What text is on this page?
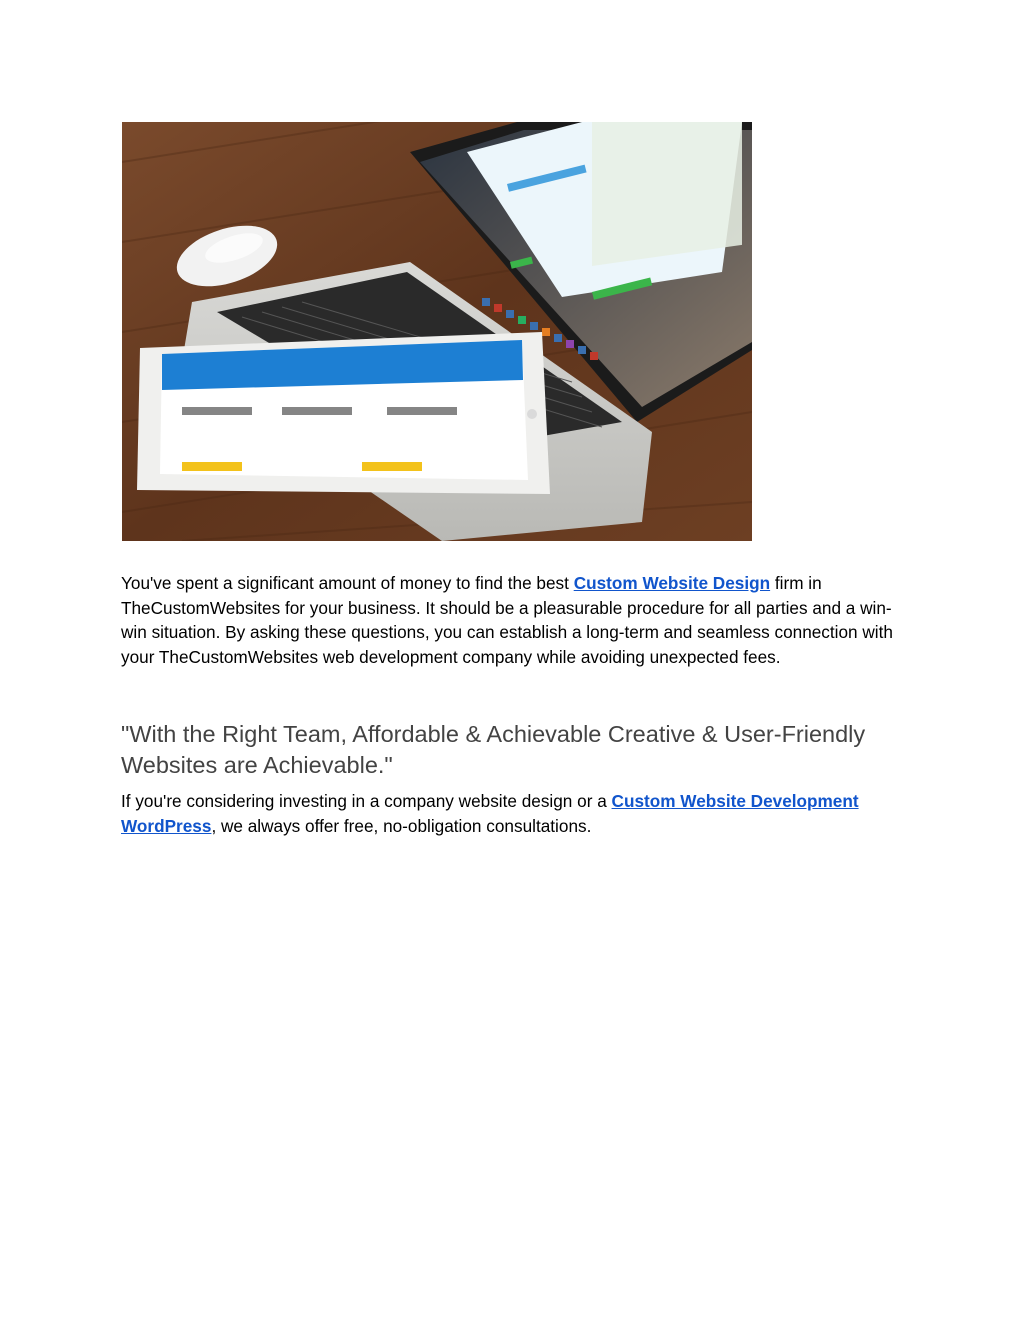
You've spent a significant amount of money to find the best Custom Website Design firm in TheCustomWebsites for your business. It should be a pleasurable procedure for all parties and a win-win situation. By asking these questions, you can establish a long-term and seamless connection with your TheCustomWebsites web development company while avoiding unexpected fees.

"With the Right Team, Affordable & Achievable Creative & User-Friendly Websites are Achievable."

If you're considering investing in a company website design or a Custom Website Development WordPress, we always offer free, no-obligation consultations.
